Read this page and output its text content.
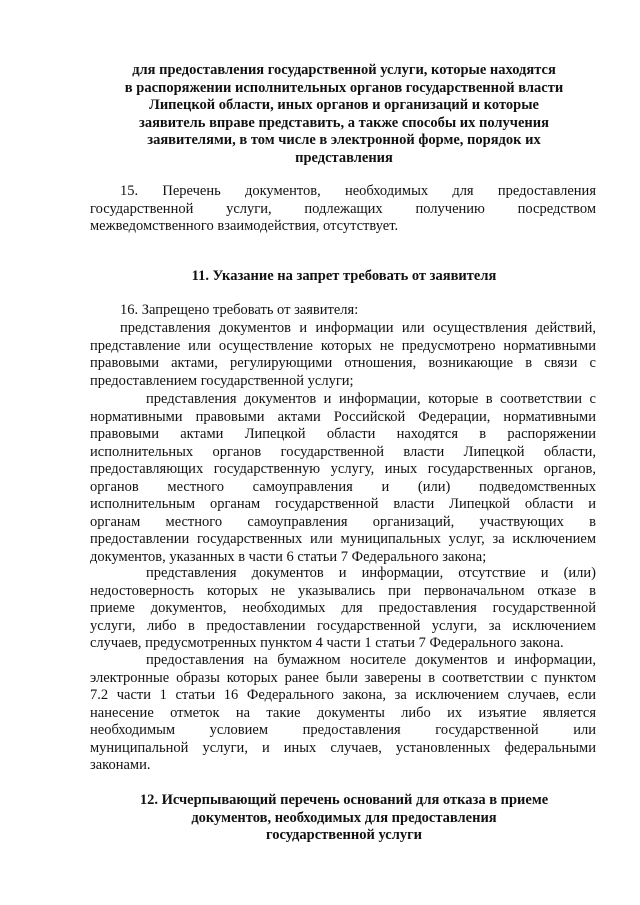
для предоставления государственной услуги, которые находятся
в распоряжении исполнительных органов государственной власти
Липецкой области, иных органов и организаций и которые
заявитель вправе представить, а также способы их получения
заявителями, в том числе в электронной форме, порядок их
представления
15. Перечень документов, необходимых для предоставления
государственной услуги, подлежащих получению посредством
межведомственного взаимодействия, отсутствует.
11. Указание на запрет требовать от заявителя
16. Запрещено требовать от заявителя:
представления документов и информации или осуществления действий,
представление или осуществление которых не предусмотрено нормативными
правовыми актами, регулирующими отношения, возникающие в связи с
предоставлением государственной услуги;
представления документов и информации, которые в соответствии с
нормативными правовыми актами Российской Федерации, нормативными
правовыми актами Липецкой области находятся в распоряжении
исполнительных органов государственной власти Липецкой области,
предоставляющих государственную услугу, иных государственных органов,
органов местного самоуправления и (или) подведомственных
исполнительным органам государственной власти Липецкой области и
органам местного самоуправления организаций, участвующих в
предоставлении государственных или муниципальных услуг, за исключением
документов, указанных в части 6 статьи 7 Федерального закона;
представления документов и информации, отсутствие и (или)
недостоверность которых не указывались при первоначальном отказе в
приеме документов, необходимых для предоставления государственной
услуги, либо в предоставлении государственной услуги, за исключением
случаев, предусмотренных пунктом 4 части 1 статьи 7 Федерального закона.
предоставления на бумажном носителе документов и информации,
электронные образы которых ранее были заверены в соответствии с пунктом
7.2 части 1 статьи 16 Федерального закона, за исключением случаев, если
нанесение отметок на такие документы либо их изъятие является
необходимым условием предоставления государственной или
муниципальной услуги, и иных случаев, установленных федеральными
законами.
12. Исчерпывающий перечень оснований для отказа в приеме
документов, необходимых для предоставления
государственной услуги
